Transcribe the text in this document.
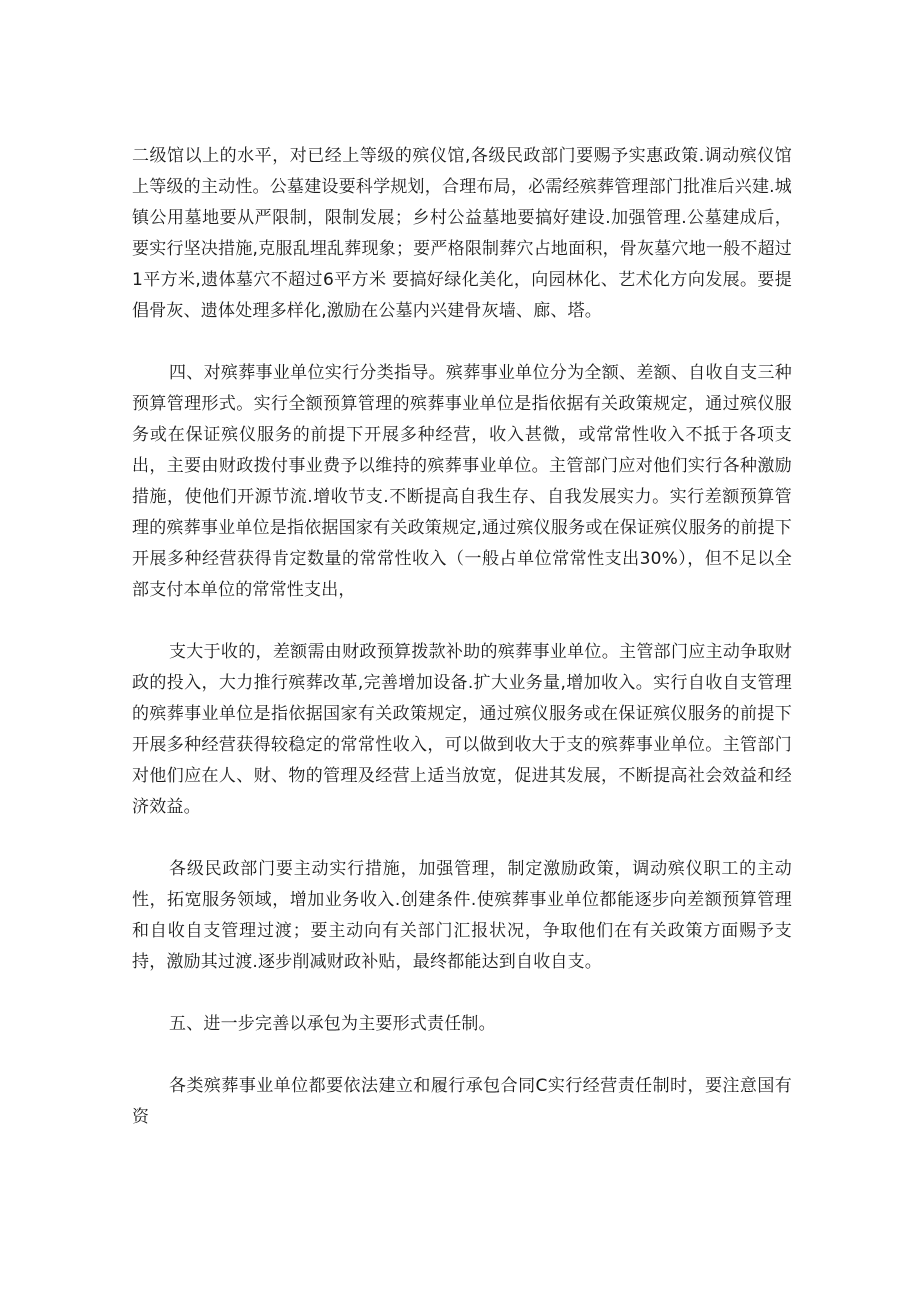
二级馆以上的水平，对已经上等级的殡仪馆,各级民政部门要赐予实惠政策.调动殡仪馆上等级的主动性。公墓建设要科学规划，合理布局，必需经殡葬管理部门批准后兴建.城镇公用墓地要从严限制，限制发展；乡村公益墓地要搞好建设.加强管理.公墓建成后，要实行坚决措施,克服乱埋乱葬现象；要严格限制葬穴占地面积，骨灰墓穴地一般不超过1平方米,遗体墓穴不超过6平方米 要搞好绿化美化，向园林化、艺术化方向发展。要提倡骨灰、遗体处理多样化,激励在公墓内兴建骨灰墙、廊、塔。

四、对殡葬事业单位实行分类指导。殡葬事业单位分为全额、差额、自收自支三种预算管理形式。实行全额预算管理的殡葬事业单位是指依据有关政策规定，通过殡仪服务或在保证殡仪服务的前提下开展多种经营，收入甚微，或常常性收入不抵于各项支出，主要由财政拨付事业费予以维持的殡葬事业单位。主管部门应对他们实行各种激励措施，使他们开源节流.增收节支.不断提高自我生存、自我发展实力。实行差额预算管理的殡葬事业单位是指依据国家有关政策规定,通过殡仪服务或在保证殡仪服务的前提下开展多种经营获得肯定数量的常常性收入（一般占单位常常性支出30%），但不足以全部支付本单位的常常性支出，

支大于收的，差额需由财政预算拨款补助的殡葬事业单位。主管部门应主动争取财政的投入，大力推行殡葬改革,完善增加设备.扩大业务量,增加收入。实行自收自支管理的殡葬事业单位是指依据国家有关政策规定，通过殡仪服务或在保证殡仪服务的前提下开展多种经营获得较稳定的常常性收入，可以做到收大于支的殡葬事业单位。主管部门对他们应在人、财、物的管理及经营上适当放宽，促进其发展，不断提高社会效益和经济效益。

各级民政部门要主动实行措施，加强管理，制定激励政策，调动殡仪职工的主动性，拓宽服务领域，增加业务收入.创建条件.使殡葬事业单位都能逐步向差额预算管理和自收自支管理过渡；要主动向有关部门汇报状况，争取他们在有关政策方面赐予支持，激励其过渡.逐步削减财政补贴，最终都能达到自收自支。

五、进一步完善以承包为主要形式责任制。

各类殡葬事业单位都要依法建立和履行承包合同C实行经营责任制时，要注意国有资
